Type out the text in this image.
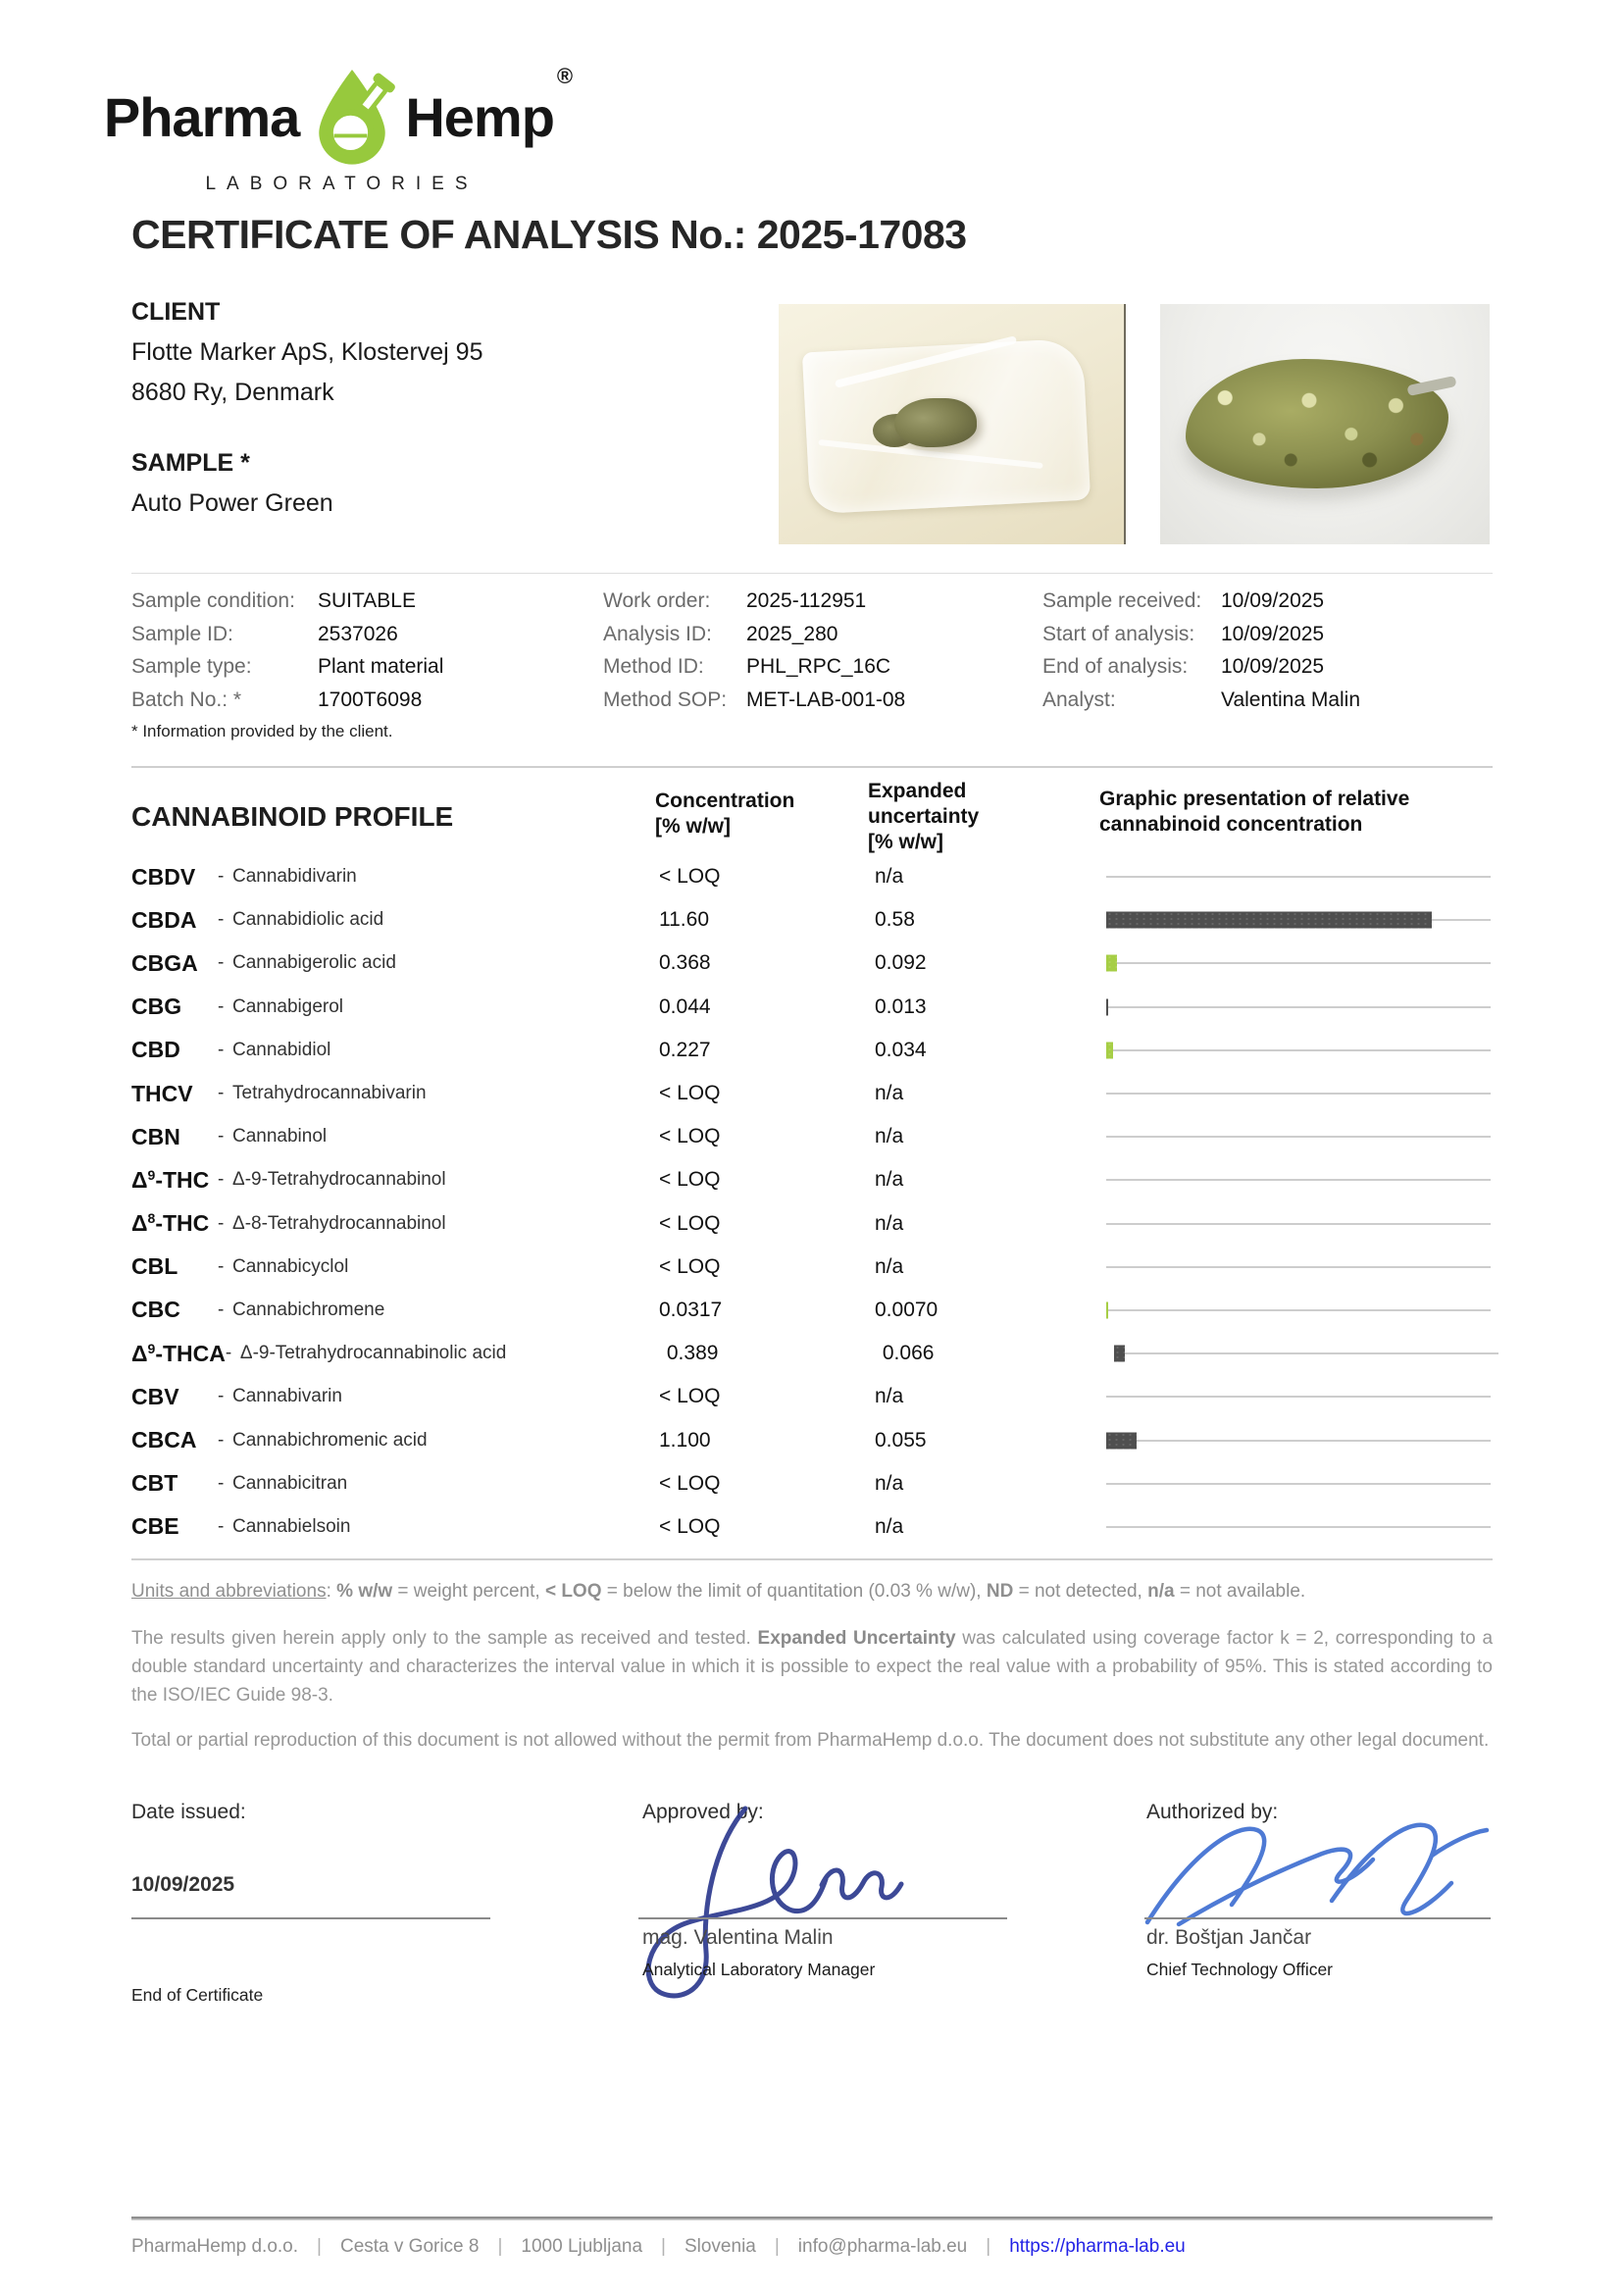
Pharma Hemp®
LABORATORIES
CERTIFICATE OF ANALYSIS No.: 2025-17083
CLIENT
Flotte Marker ApS, Klostervej 95
8680 Ry, Denmark
SAMPLE *
Auto Power Green
Sample condition:	SUITABLE
Sample ID:	2537026
Sample type:	Plant material
Batch No.: *	1700T6098
Work order:	2025-112951
Analysis ID:	2025_280
Method ID:	PHL_RPC_16C
Method SOP: MET-LAB-001-08
Sample received: 10/09/2025
Start of analysis:	10/09/2025
End of analysis:	10/09/2025
Analyst:	Valentina Malin
* Information provided by the client.
CANNABINOID PROFILE
Concentration
[% w/w]
Expanded
uncertainty
[% w/w]
Graphic presentation of relative
cannabinoid concentration
CBDV	- Cannabidivarin	< LOQ	n/a
CBDA	- Cannabidiolic acid	11.60	0.58
CBGA	- Cannabigerolic acid	0.368	0.092
CBG	- Cannabigerol	0.044	0.013
CBD	- Cannabidiol	0.227	0.034
THCV	- Tetrahydrocannabivarin	< LOQ	n/a
CBN	- Cannabinol	< LOQ	n/a
$\Delta^9$-THC - Δ-9-Tetrahydrocannabinol	< LOQ	n/a
$\Delta^8$-THC - Δ-8-Tetrahydrocannabinol	< LOQ	n/a
CBL	- Cannabicyclol	< LOQ	n/a
CBC	- Cannabichromene	0.0317	0.0070
$\Delta^9$-THCA - Δ-9-Tetrahydrocannabinolic acid	0.389	0.066
CBV	- Cannabivarin	< LOQ	n/a
CBCA	- Cannabichromenic acid	1.100	0.055
CBT	- Cannabicitran	< LOQ	n/a
CBE	- Cannabielsoin	< LOQ	n/a
Units and abbreviations: % w/w = weight percent, < LOQ = below the limit of quantitation (0.03 % w/w), ND = not detected, n/a = not available.
The results given herein apply only to the sample as received and tested. Expanded Uncertainty was calculated using coverage factor k = 2, corresponding to a double standard uncertainty and characterizes the interval value in which it is possible to expect the real value with a probability of 95%. This is stated according to the ISO/IEC Guide 98-3.
Total or partial reproduction of this document is not allowed without the permit from PharmaHemp d.o.o. The document does not substitute any other legal document.
Date issued:	Approved by:	Authorized by:
10/09/2025
mag. Valentina Malin	dr. Boštjan Jančar
Analytical Laboratory Manager	Chief Technology Officer
End of Certificate
PharmaHemp d.o.o. | Cesta v Gorice 8 | 1000 Ljubljana | Slovenia | info@pharma-lab.eu | https://pharma-lab.eu
